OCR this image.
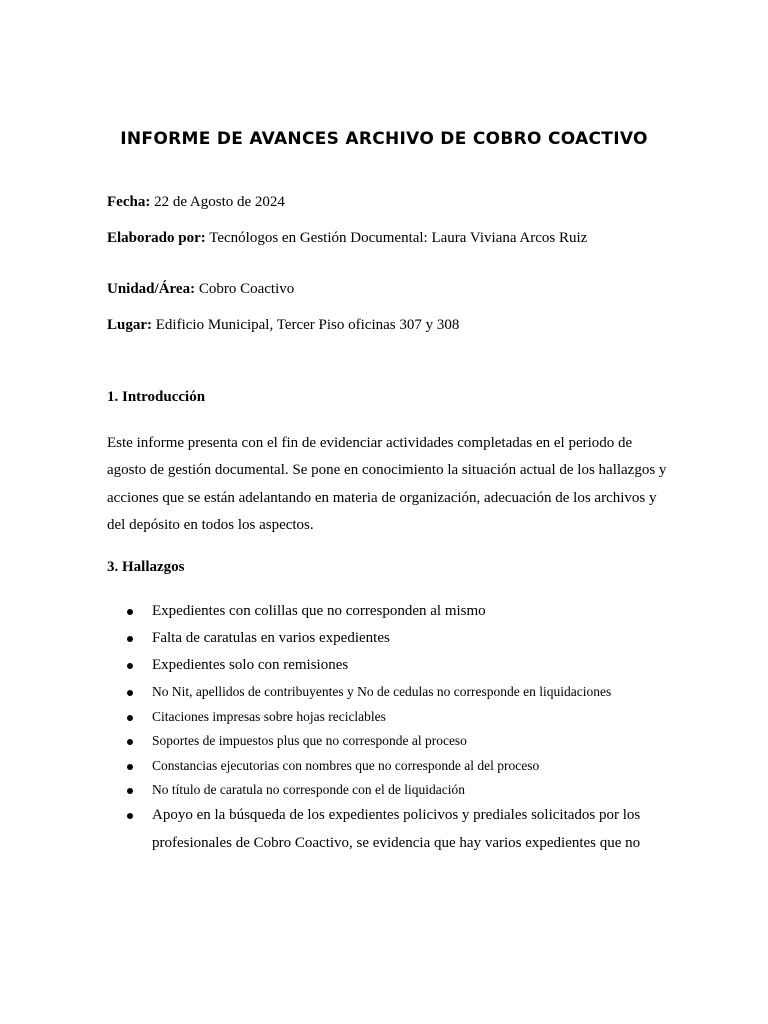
INFORME DE AVANCES ARCHIVO DE COBRO COACTIVO
Fecha: 22 de Agosto de 2024
Elaborado por: Tecnólogos en Gestión Documental: Laura Viviana Arcos Ruiz
Unidad/Área: Cobro Coactivo
Lugar: Edificio Municipal, Tercer Piso oficinas 307 y 308
1. Introducción
Este informe presenta con el fin de evidenciar actividades completadas en el periodo de agosto de gestión documental. Se pone en conocimiento la situación actual de los hallazgos y acciones que se están adelantando en materia de organización, adecuación de los archivos y del depósito en todos los aspectos.
3. Hallazgos
Expedientes con colillas que no corresponden al mismo
Falta de caratulas en varios expedientes
Expedientes solo con remisiones
No Nit, apellidos de contribuyentes y No de cedulas no corresponde en liquidaciones
Citaciones impresas sobre hojas reciclables
Soportes de impuestos plus que no corresponde al proceso
Constancias ejecutorias con nombres que no corresponde al del proceso
No título de caratula no corresponde con el de liquidación
Apoyo en la búsqueda de los expedientes policivos y prediales solicitados por los profesionales de Cobro Coactivo, se evidencia que hay varios expedientes que no
